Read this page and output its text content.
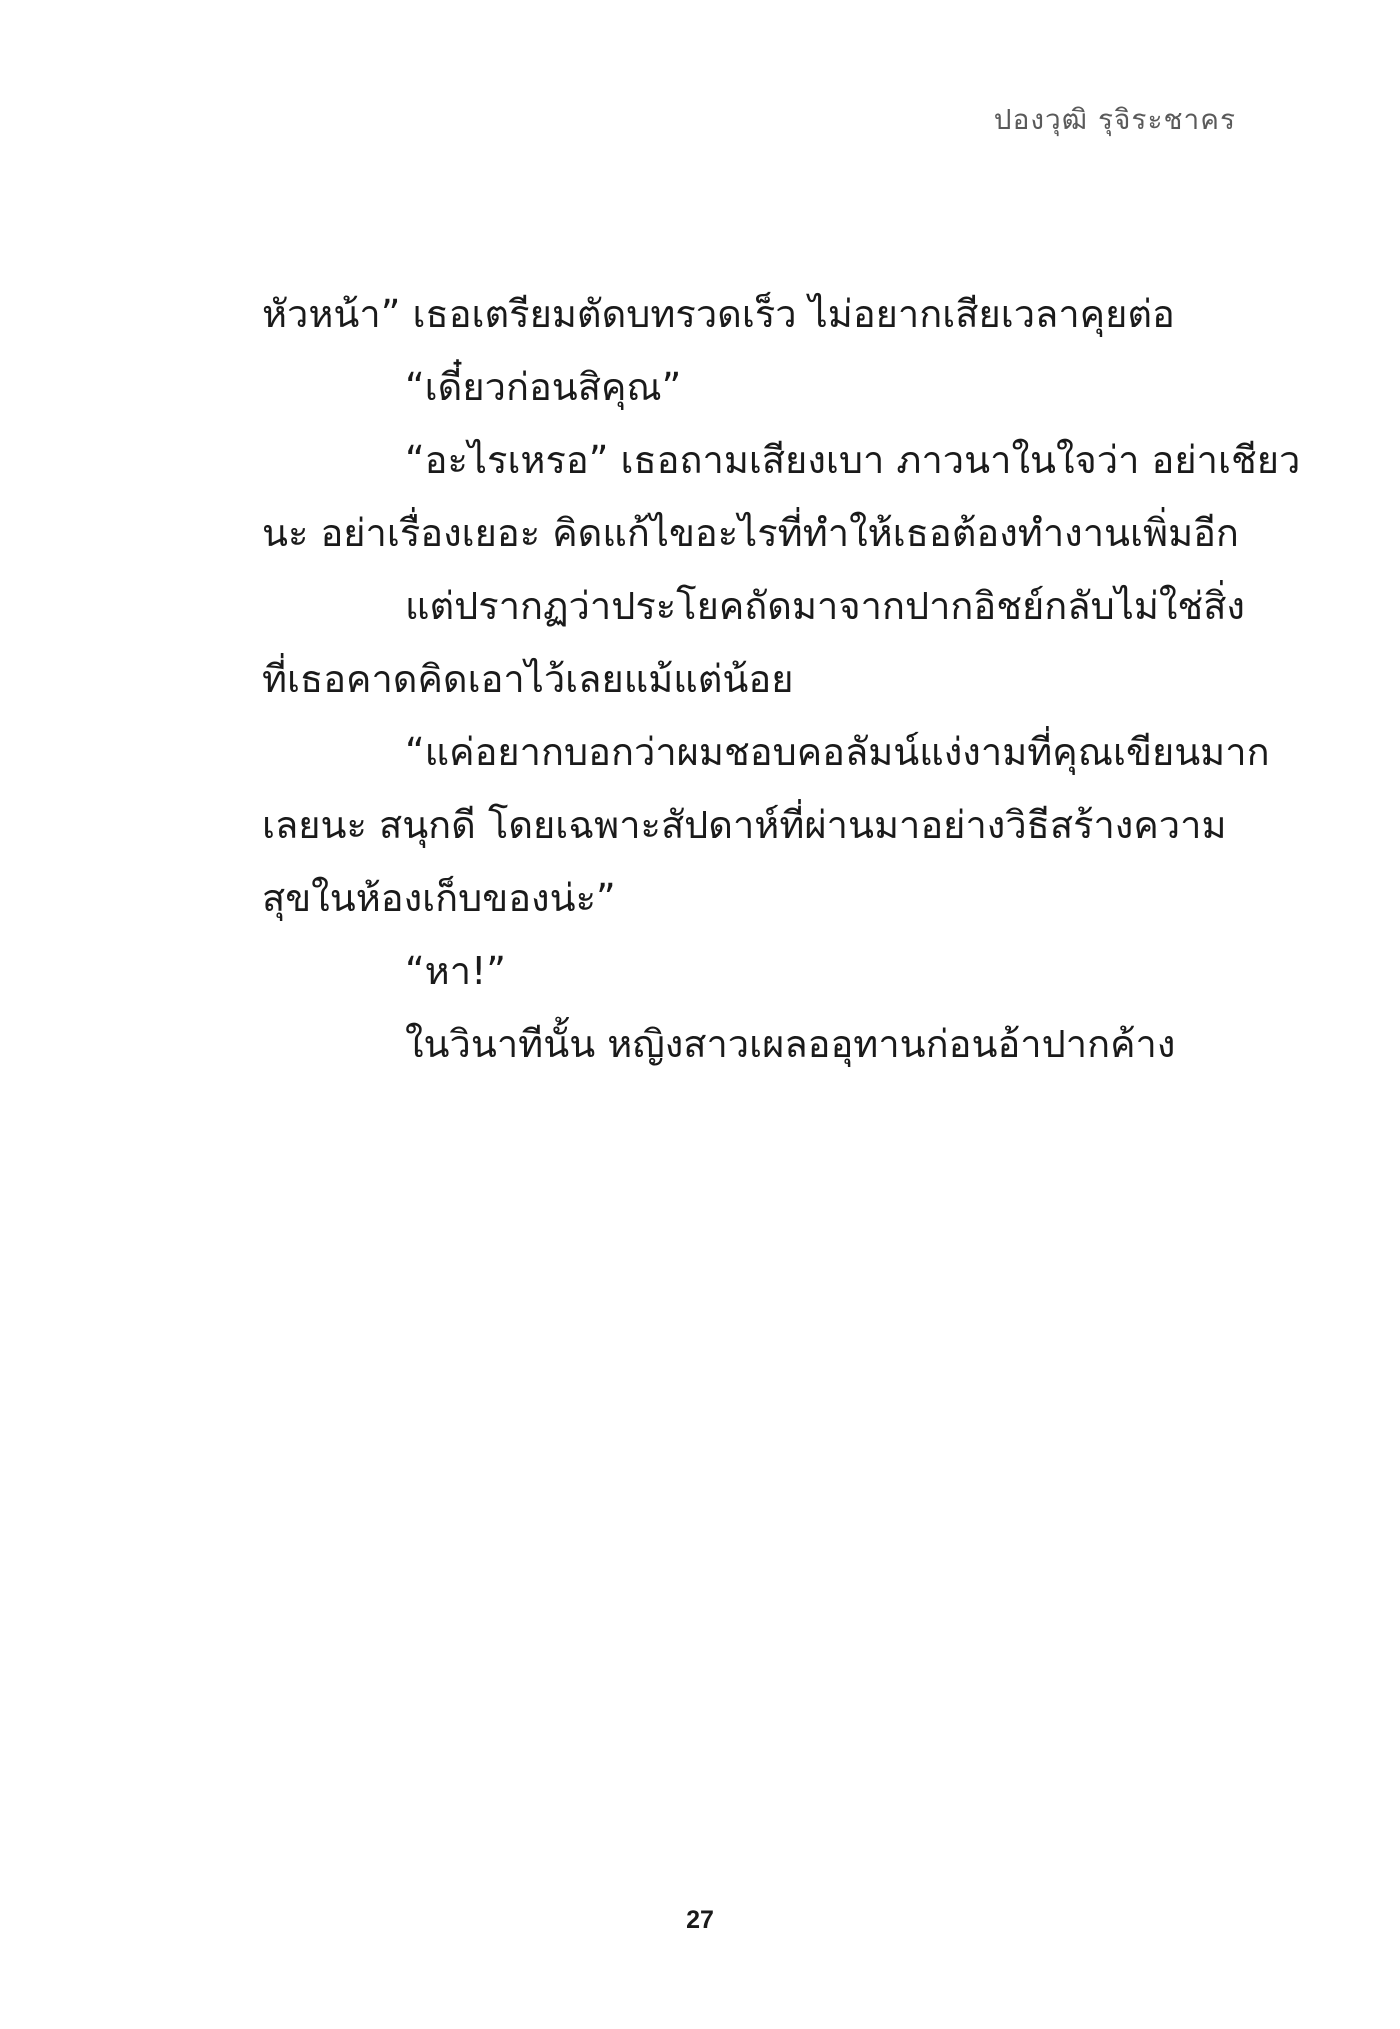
ปองวุฒิ รุจิระชาคร
หัวหน้า” เธอเตรียมตัดบทรวดเร็ว ไม่อยากเสียเวลาคุยต่อ
“เดี๋ยวก่อนสิคุณ”
“อะไรเหรอ” เธอถามเสียงเบา ภาวนาในใจว่า อย่าเชียว
นะ อย่าเรื่องเยอะ คิดแก้ไขอะไรที่ทำให้เธอต้องทำงานเพิ่มอีก
แต่ปรากฏว่าประโยคถัดมาจากปากอิชย์กลับไม่ใช่สิ่ง
ที่เธอคาดคิดเอาไว้เลยแม้แต่น้อย
“แค่อยากบอกว่าผมชอบคอลัมน์แง่งามที่คุณเขียนมาก
เลยนะ สนุกดี โดยเฉพาะสัปดาห์ที่ผ่านมาอย่างวิธีสร้างความ
สุขในห้องเก็บของน่ะ”
“หา!”
ในวินาทีนั้น หญิงสาวเผลออุทานก่อนอ้าปากค้าง
27
